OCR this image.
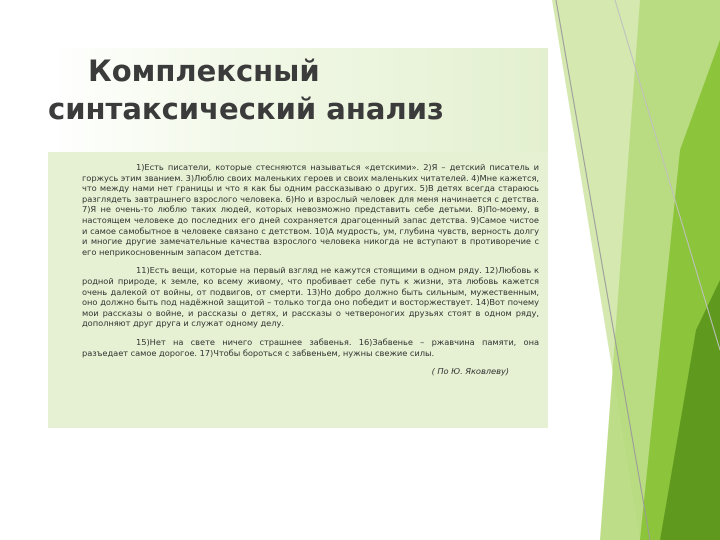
Комплексный
синтаксический анализ

1)Есть писатели, которые стесняются называться «детскими». 2)Я – детский писатель и горжусь этим званием. 3)Люблю своих маленьких героев и своих маленьких читателей. 4)Мне кажется, что между нами нет границы и что я как бы одним рассказываю о других. 5)В детях всегда стараюсь разглядеть завтрашнего взрослого человека. 6)Но и взрослый человек для меня начинается с детства. 7)Я не очень-то люблю таких людей, которых невозможно представить себе детьми. 8)По-моему, в настоящем человеке до последних его дней сохраняется драгоценный запас детства. 9)Самое чистое и самое самобытное в человеке связано с детством. 10)А мудрость, ум, глубина чувств, верность долгу и многие другие замечательные качества взрослого человека никогда не вступают в противоречие с его неприкосновенным запасом детства.

11)Есть вещи, которые на первый взгляд не кажутся стоящими в одном ряду. 12)Любовь к родной природе, к земле, ко всему живому, что пробивает себе путь к жизни, эта любовь кажется очень далекой от войны, от подвигов, от смерти. 13)Но добро должно быть сильным, мужественным, оно должно быть под надёжной защитой – только тогда оно победит и восторжествует. 14)Вот почему мои рассказы о войне, и рассказы о детях, и рассказы о четвероногих друзьях стоят в одном ряду, дополняют друг друга и служат одному делу.

15)Нет на свете ничего страшнее забвенья. 16)Забвенье – ржавчина памяти, она разъедает самое дорогое. 17)Чтобы бороться с забвеньем, нужны свежие силы.

( По Ю. Яковлеву)
